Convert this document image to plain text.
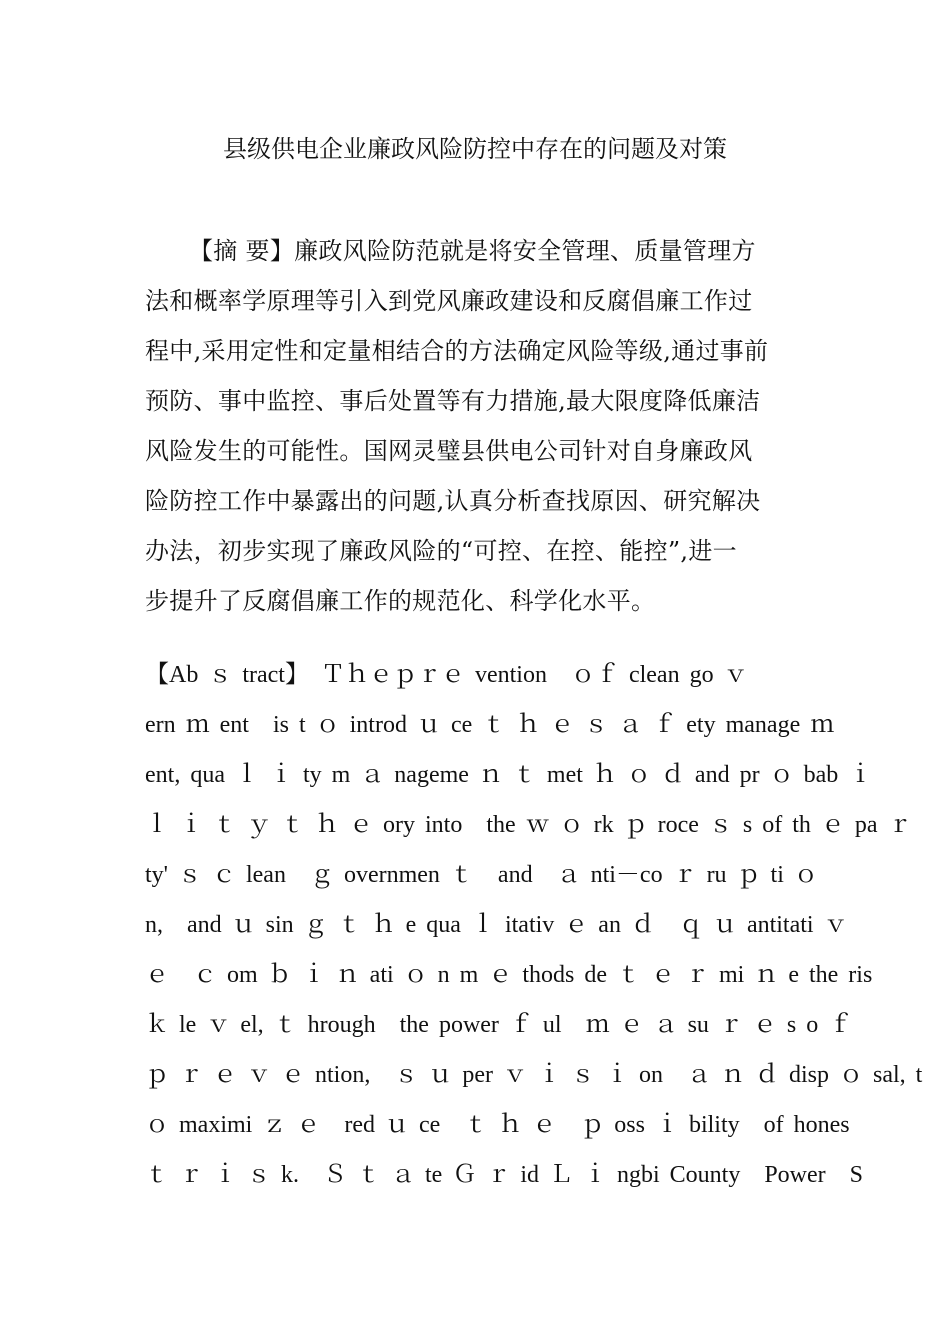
县级供电企业廉政风险防控中存在的问题及对策
【摘 要】廉政风险防范就是将安全管理、质量管理方
法和概率学原理等引入到党风廉政建设和反腐倡廉工作过
程中,采用定性和定量相结合的方法确定风险等级,通过事前
预防、事中监控、事后处置等有力措施,最大限度降低廉洁
风险发生的可能性。国网灵璧县供电公司针对自身廉政风
险防控工作中暴露出的问题,认真分析查找原因、研究解决
办法，初步实现了廉政风险的“可控、在控、能控”,进一
步提升了反腐倡廉工作的规范化、科学化水平。
【Ab ｓ tract】　Ｔｈｅｐｒｅ vention　ｏｆ clean go ｖ
ern ｍ ent　is t ｏ introd ｕ ce ｔ ｈ ｅ ｓ ａ ｆ ety manage ｍ
ent, qua ｌ ｉ ty m ａ nageme ｎ ｔ met ｈ ｏ ｄ and pr ｏ bab ｉ
ｌ ｉ ｔ ｙ ｔ ｈ ｅ ory into　the ｗ ｏ rk ｐ roce ｓ s of th ｅ pa ｒ
ty' ｓ ｃ lean　ｇ overnmen ｔ　and　ａ nti－co ｒ ru ｐ ti ｏ
n,　and ｕ sin ｇ ｔ ｈ e qua ｌ itativ ｅ an ｄ　ｑ ｕ antitati ｖ
ｅ　ｃ om ｂ ｉ ｎ ati ｏ n m ｅ thods de ｔ ｅ ｒ mi ｎ e the ris
ｋ le ｖ el, ｔ hrough　the power ｆ ul　ｍ ｅ ａ su ｒ ｅ s o ｆ
ｐ ｒ ｅ ｖ ｅ ntion,　ｓ ｕ per ｖ ｉ ｓ ｉ on　ａ ｎ ｄ disp ｏ sal, t
ｏ maximi ｚ ｅ　red ｕ ce　ｔ ｈ ｅ　ｐ oss ｉ bility　of hones
ｔ ｒ ｉ ｓ k.　Ｓ ｔ ａ te Ｇ ｒ id Ｌ ｉ ngbi County　Power　S
